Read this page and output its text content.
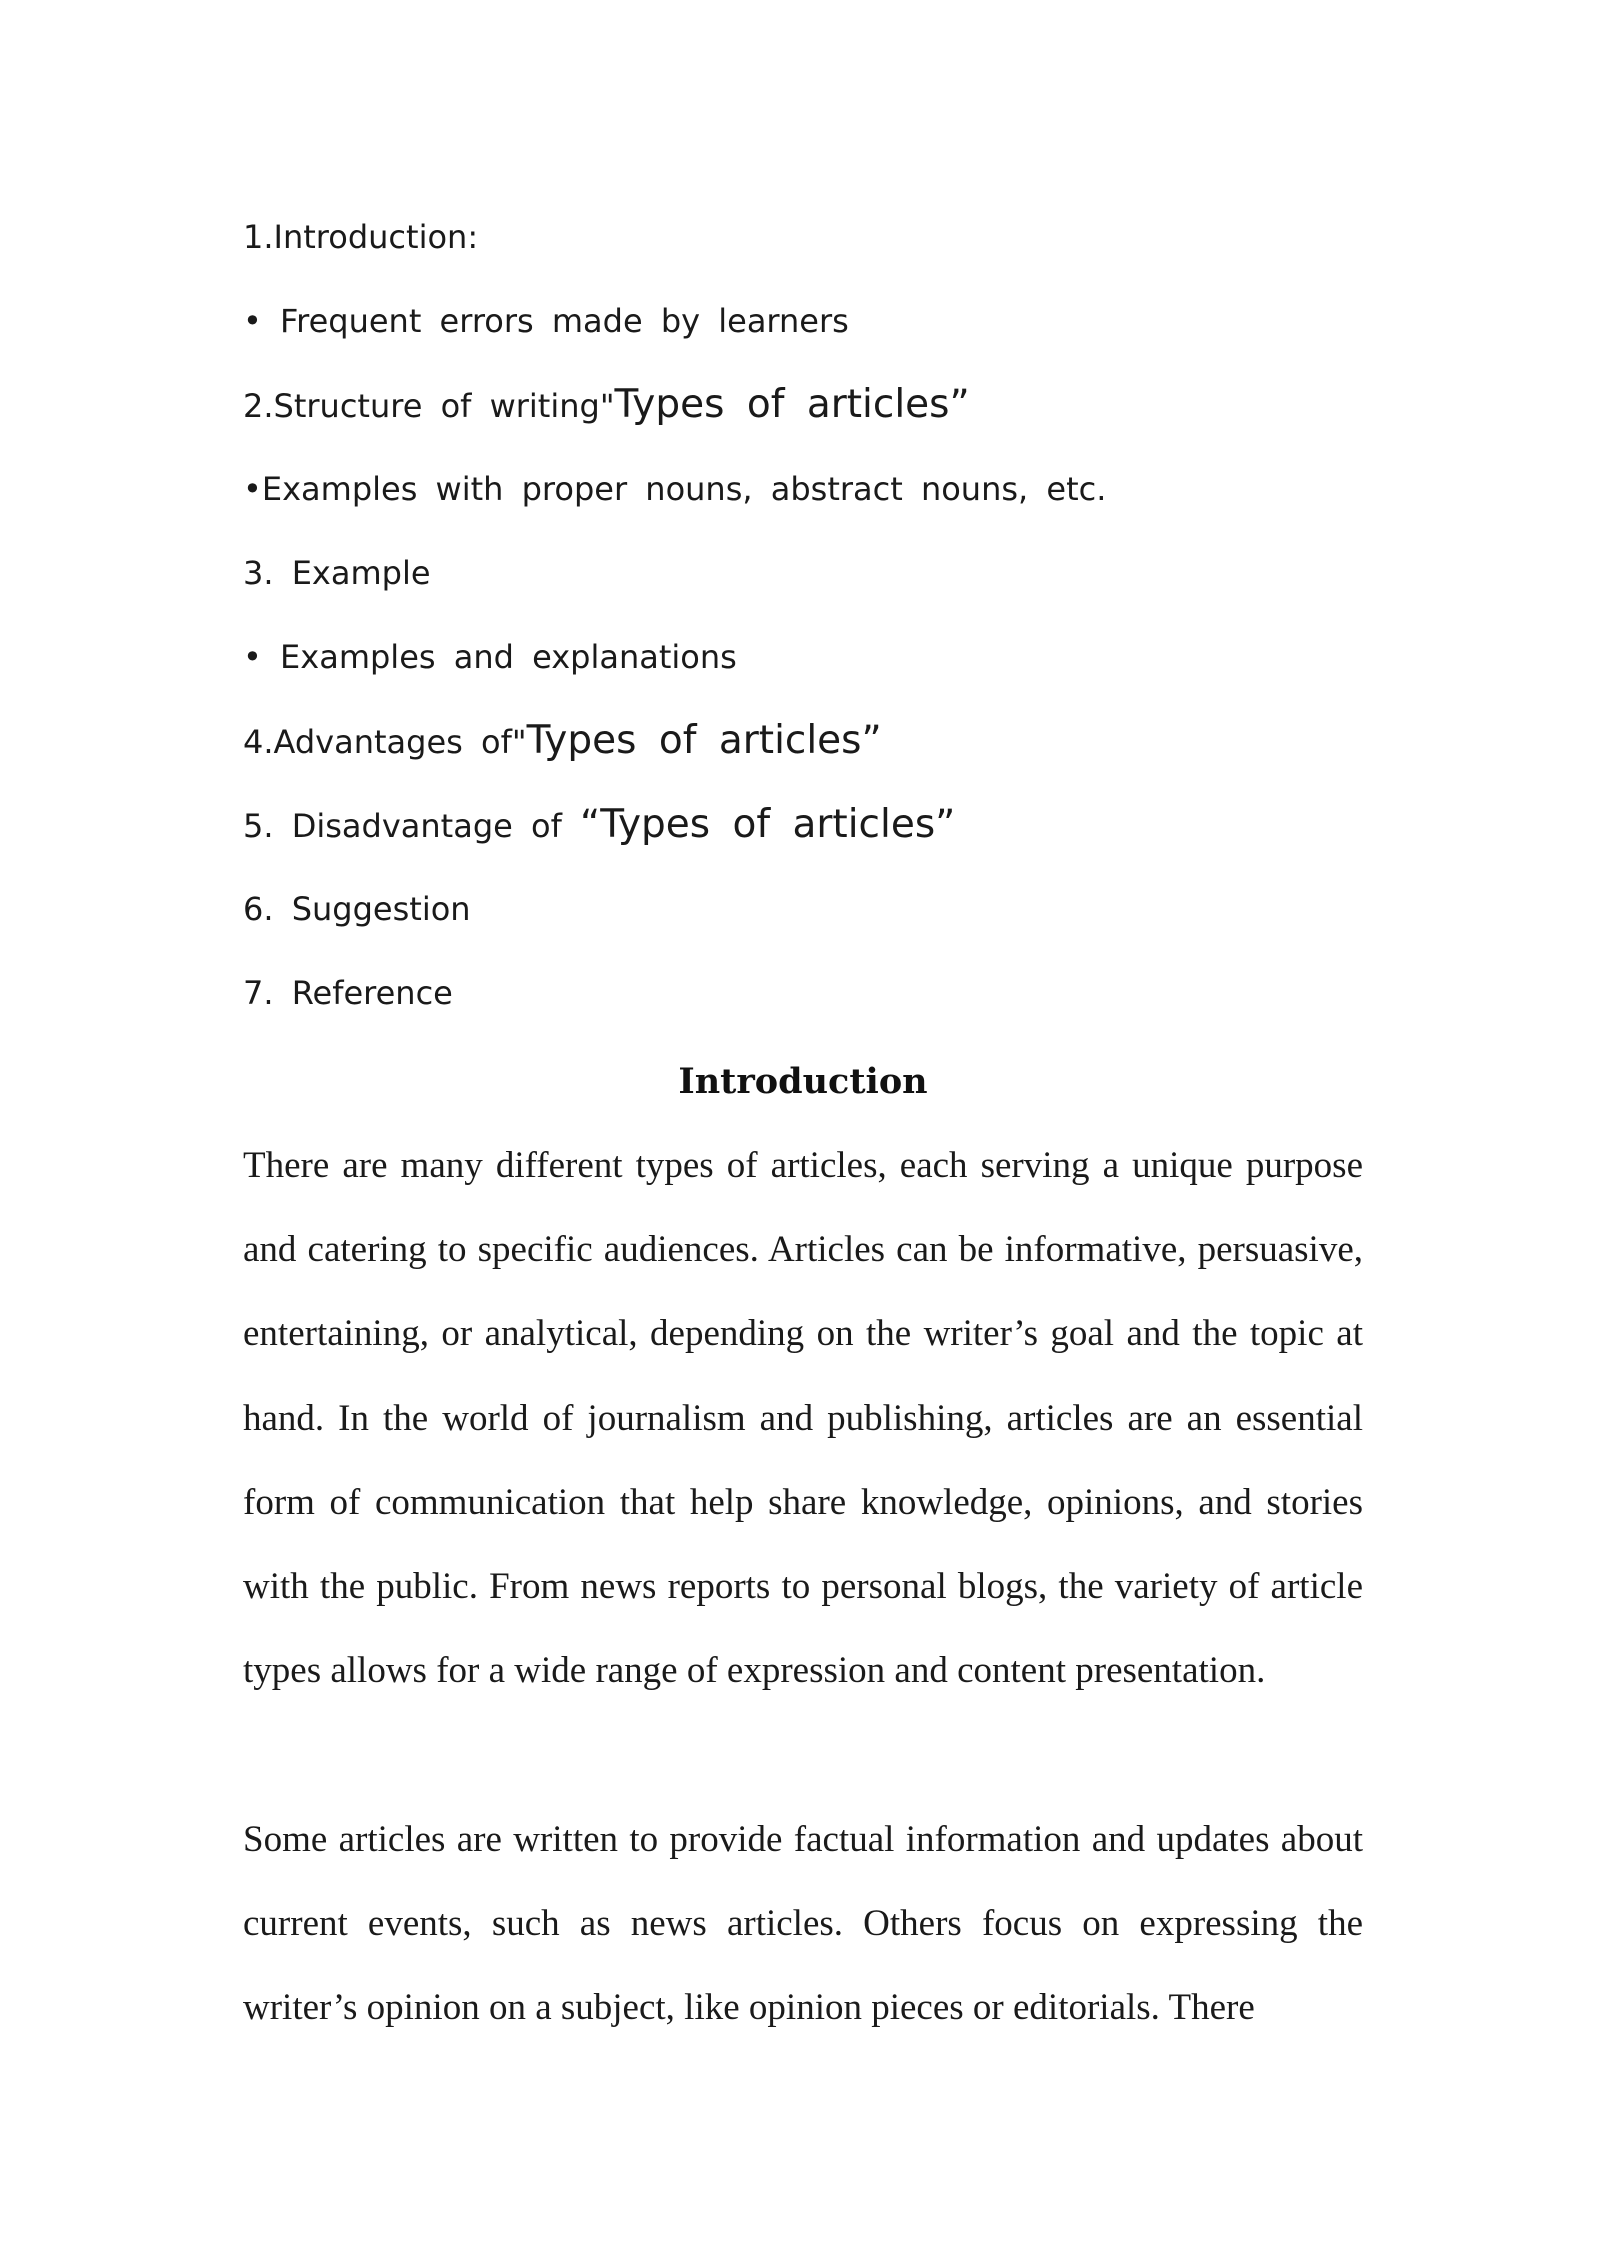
1.Introduction:
• Frequent errors made by learners
2.Structure of writing"Types of articles”
•Examples with proper nouns, abstract nouns, etc.
3. Example
• Examples and explanations
4.Advantages of"Types of articles”
5. Disadvantage of “Types of articles”
6. Suggestion
7. Reference
Introduction
There are many different types of articles, each serving a unique purpose and catering to specific audiences. Articles can be informative, persuasive, entertaining, or analytical, depending on the writer’s goal and the topic at hand. In the world of journalism and publishing, articles are an essential form of communication that help share knowledge, opinions, and stories with the public. From news reports to personal blogs, the variety of article types allows for a wide range of expression and content presentation.
Some articles are written to provide factual information and updates about current events, such as news articles. Others focus on expressing the writer’s opinion on a subject, like opinion pieces or editorials. There
